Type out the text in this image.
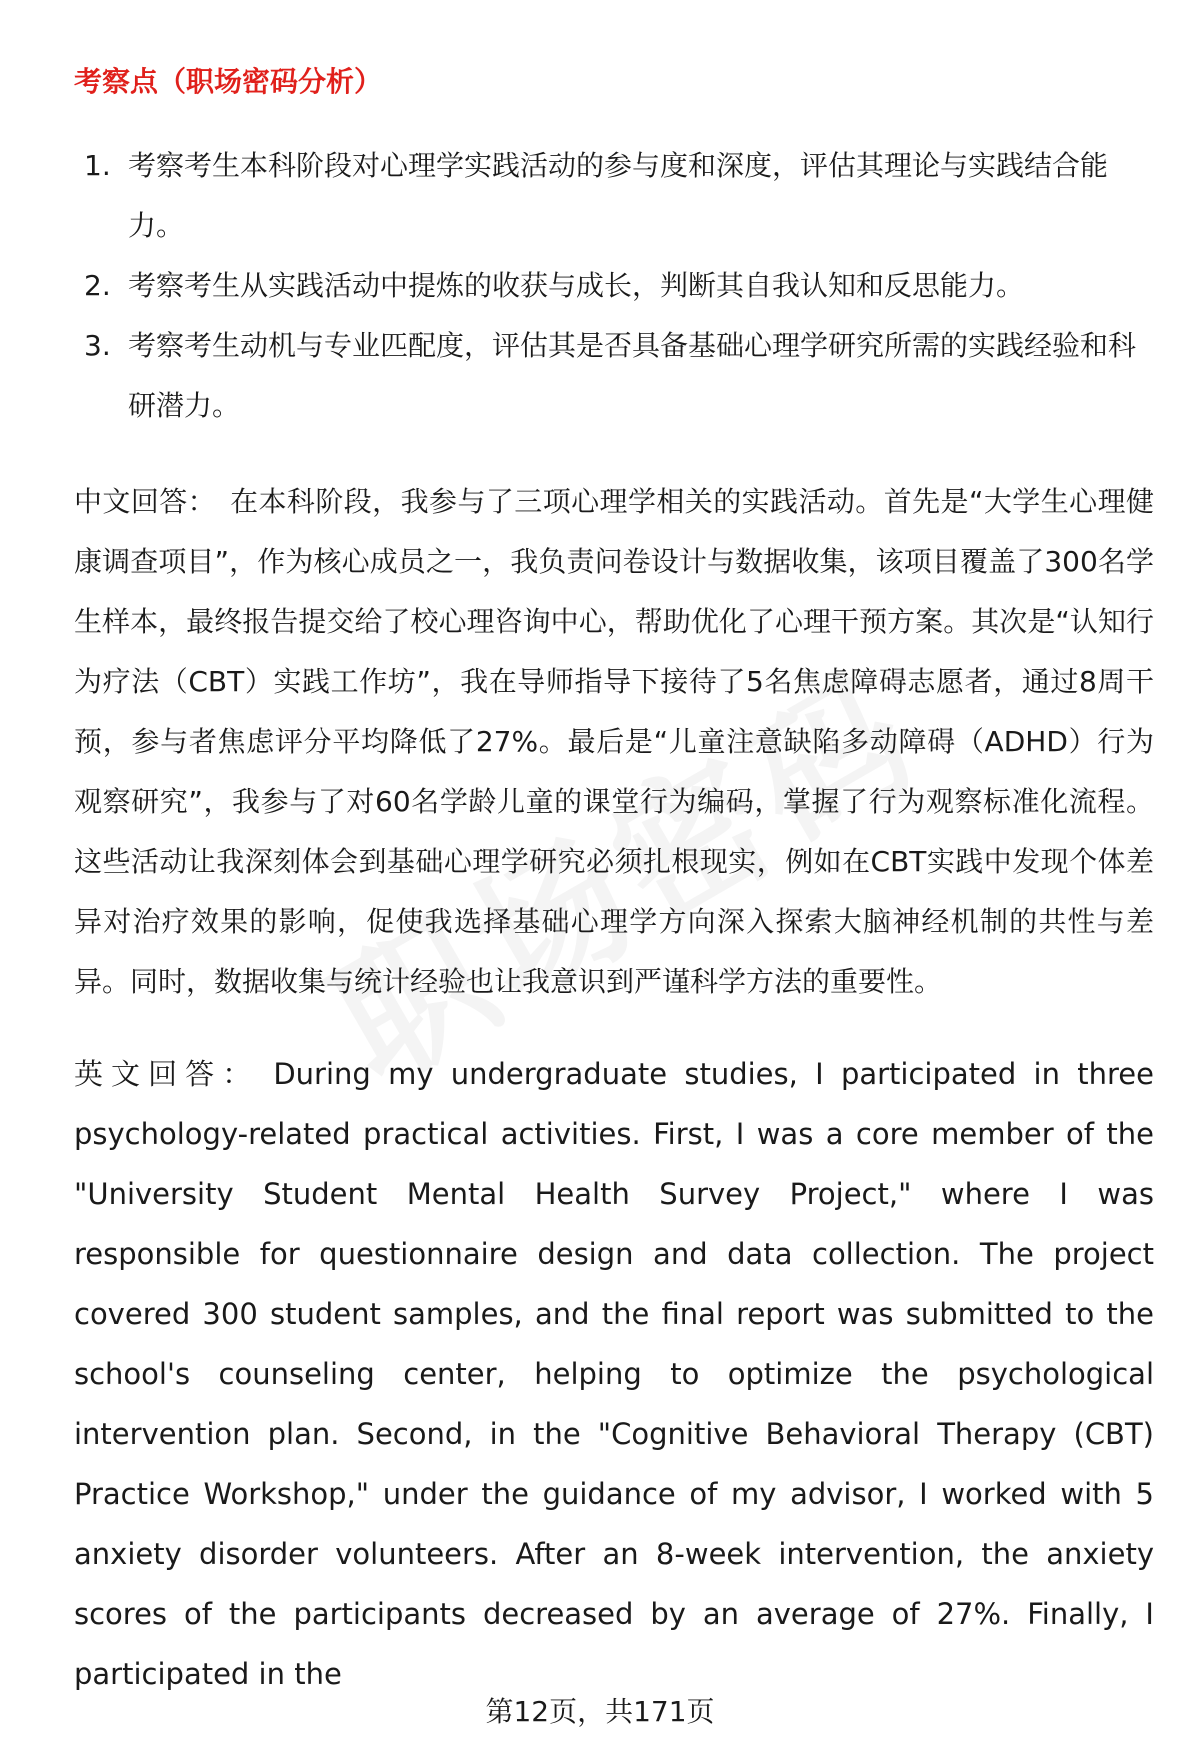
考察点（职场密码分析）
1. 考察考生本科阶段对心理学实践活动的参与度和深度，评估其理论与实践结合能力。
2. 考察考生从实践活动中提炼的收获与成长，判断其自我认知和反思能力。
3. 考察考生动机与专业匹配度，评估其是否具备基础心理学研究所需的实践经验和科研潜力。

中文回答： 在本科阶段，我参与了三项心理学相关的实践活动。首先是“大学生心理健康调查项目”，作为核心成员之一，我负责问卷设计与数据收集，该项目覆盖了300名学生样本，最终报告提交给了校心理咨询中心，帮助优化了心理干预方案。其次是“认知行为疗法（CBT）实践工作坊”，我在导师指导下接待了5名焦虑障碍志愿者，通过8周干预，参与者焦虑评分平均降低了27%。最后是“儿童注意缺陷多动障碍（ADHD）行为观察研究”，我参与了对60名学龄儿童的课堂行为编码，掌握了行为观察标准化流程。这些活动让我深刻体会到基础心理学研究必须扎根现实，例如在CBT实践中发现个体差异对治疗效果的影响，促使我选择基础心理学方向深入探索大脑神经机制的共性与差异。同时，数据收集与统计经验也让我意识到严谨科学方法的重要性。

英文回答： During my undergraduate studies, I participated in three psychology-related practical activities. First, I was a core member of the "University Student Mental Health Survey Project," where I was responsible for questionnaire design and data collection. The project covered 300 student samples, and the final report was submitted to the school's counseling center, helping to optimize the psychological intervention plan. Second, in the "Cognitive Behavioral Therapy (CBT) Practice Workshop," under the guidance of my advisor, I worked with 5 anxiety disorder volunteers. After an 8-week intervention, the anxiety scores of the participants decreased by an average of 27%. Finally, I participated in the

第12页，共171页
